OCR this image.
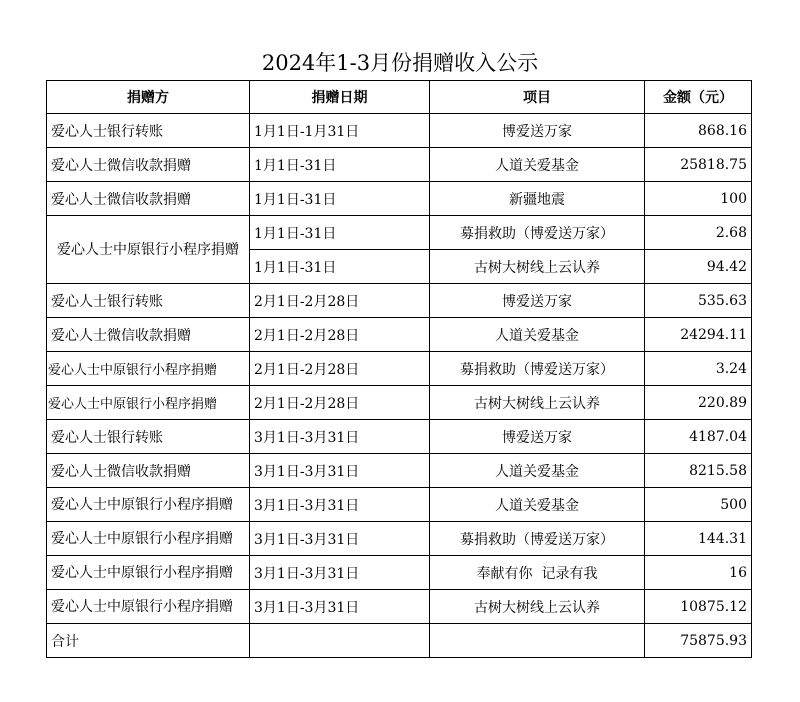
2024年1-3月份捐赠收入公示
捐赠方	捐赠日期	项目	金额（元）
爱心人士银行转账	1月1日-1月31日	博爱送万家	868.16
爱心人士微信收款捐赠	1月1日-31日	人道关爱基金	25818.75
爱心人士微信收款捐赠	1月1日-31日	新疆地震	100
爱心人士中原银行小程序捐赠	1月1日-31日	募捐救助（博爱送万家）	2.68
	1月1日-31日	古树大树线上云认养	94.42
爱心人士银行转账	2月1日-2月28日	博爱送万家	535.63
爱心人士微信收款捐赠	2月1日-2月28日	人道关爱基金	24294.11
爱心人士中原银行小程序捐赠	2月1日-2月28日	募捐救助（博爱送万家）	3.24
爱心人士中原银行小程序捐赠	2月1日-2月28日	古树大树线上云认养	220.89
爱心人士银行转账	3月1日-3月31日	博爱送万家	4187.04
爱心人士微信收款捐赠	3月1日-3月31日	人道关爱基金	8215.58
爱心人士中原银行小程序捐赠	3月1日-3月31日	人道关爱基金	500
爱心人士中原银行小程序捐赠	3月1日-3月31日	募捐救助（博爱送万家）	144.31
爱心人士中原银行小程序捐赠	3月1日-3月31日	奉献有你  记录有我	16
爱心人士中原银行小程序捐赠	3月1日-3月31日	古树大树线上云认养	10875.12
合计			75875.93
